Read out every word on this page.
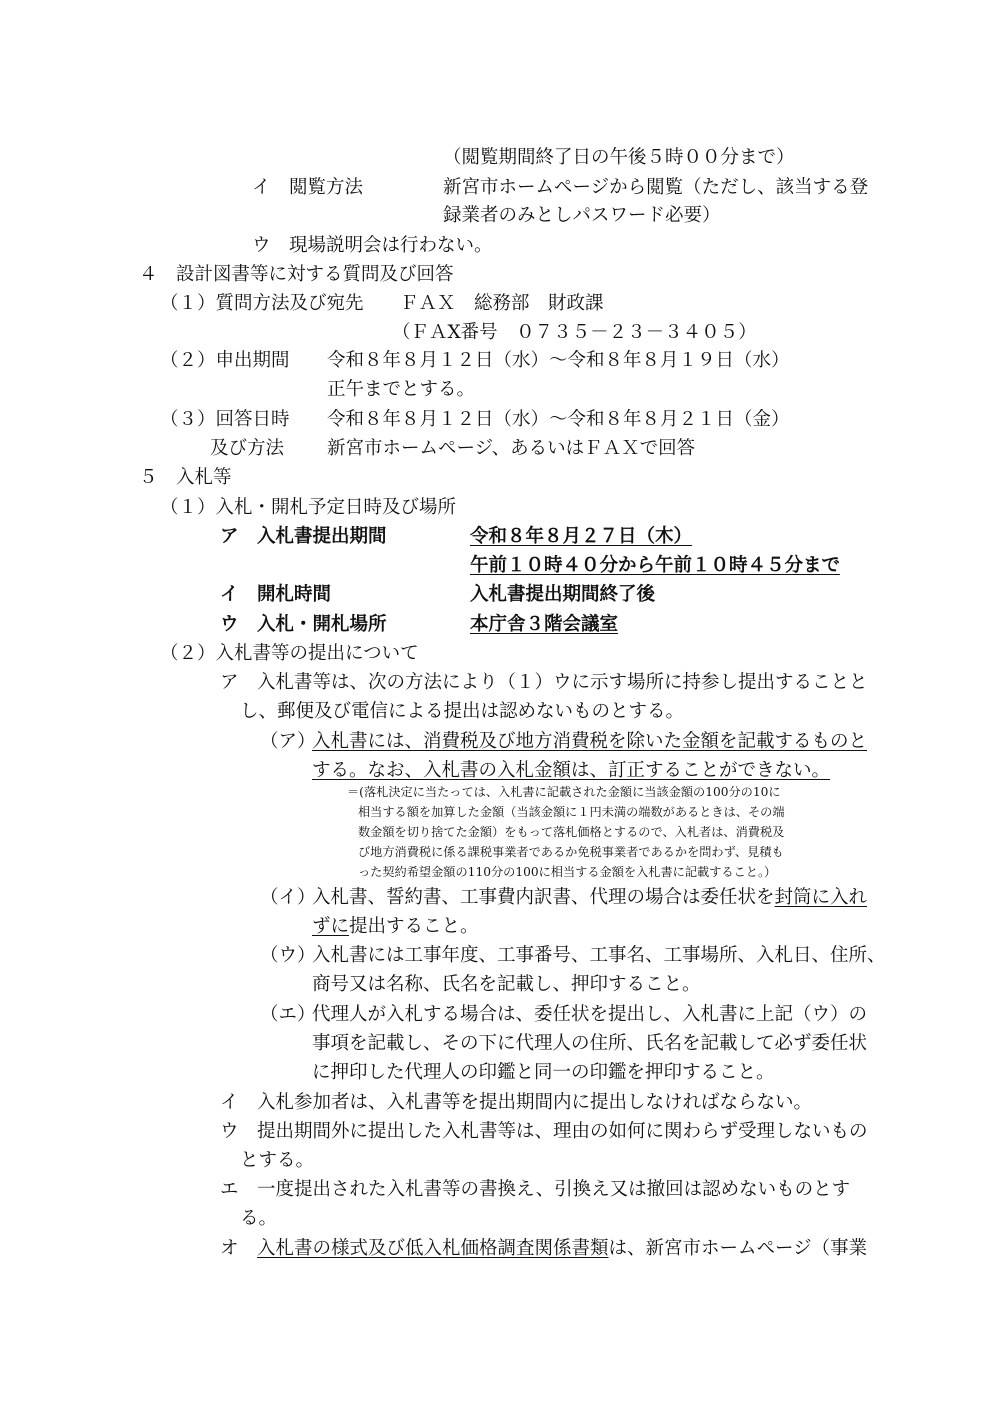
（閲覧期間終了日の午後５時００分まで）
イ　閲覧方法	新宮市ホームページから閲覧（ただし、該当する登
録業者のみとしパスワード必要）
ウ　現場説明会は行わない。
４　設計図書等に対する質問及び回答
（１）質問方法及び宛先 ＦＡＸ　総務部　財政課
（ＦＡX番号　０７３５－２３－３４０５）
（２）申出期間 令和８年８月１２日（水）～令和８年８月１９日（水）
正午までとする。
（３）回答日時 令和８年８月１２日（水）～令和８年８月２１日（金）
及び方法 新宮市ホームページ、あるいはＦＡＸで回答
５　入札等
（１）入札・開札予定日時及び場所
ア　入札書提出期間	令和８年８月２７日（木）
午前１０時４０分から午前１０時４５分まで
イ　開札時間	入札書提出期間終了後
ウ　入札・開札場所	本庁舎３階会議室
（２）入札書等の提出について
ア　入札書等は、次の方法により（１）ウに示す場所に持参し提出することと
し、郵便及び電信による提出は認めないものとする。
（ア）
入札書には、消費税及び地方消費税を除いた金額を記載するものと
する。なお、入札書の入札金額は、訂正することができない。
＝(落札決定に当たっては、入札書に記載された金額に当該金額の100分の10に
相当する額を加算した金額（当該金額に１円未満の端数があるときは、その端
数金額を切り捨てた金額）をもって落札価格とするので、入札者は、消費税及
び地方消費税に係る課税事業者であるか免税事業者であるかを問わず、見積も
った契約希望金額の110分の100に相当する金額を入札書に記載すること。）
（イ）
入札書、誓約書、工事費内訳書、代理の場合は委任状を封筒に入れ
ずに提出すること。
（ウ）
入札書には工事年度、工事番号、工事名、工事場所、入札日、住所、
商号又は名称、氏名を記載し、押印すること。
（エ）
代理人が入札する場合は、委任状を提出し、入札書に上記（ウ）の
事項を記載し、その下に代理人の住所、氏名を記載して必ず委任状
に押印した代理人の印鑑と同一の印鑑を押印すること。
イ　入札参加者は、入札書等を提出期間内に提出しなければならない。
ウ　提出期間外に提出した入札書等は、理由の如何に関わらず受理しないもの
とする。
エ　一度提出された入札書等の書換え、引換え又は撤回は認めないものとす
る。
オ　入札書の様式及び低入札価格調査関係書類は、新宮市ホームページ（事業
